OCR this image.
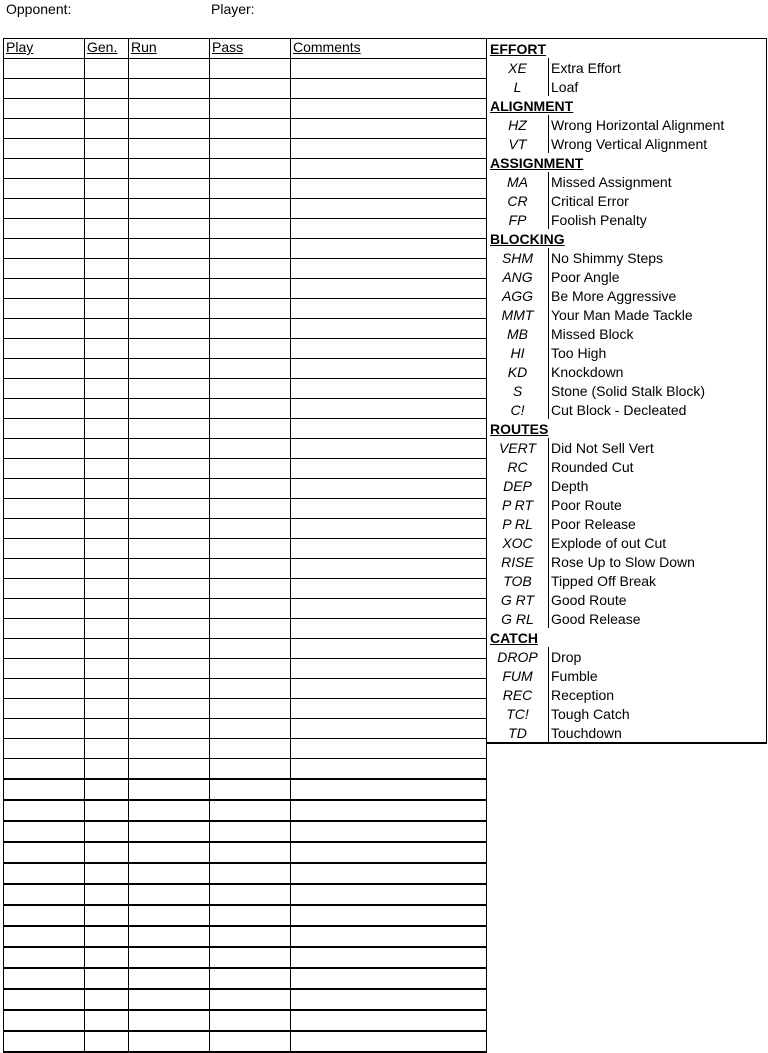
Opponent:	Player:
Play	Gen.	Run	Pass	Comments

					EFFORT	
XE	Extra Effort
L	Loaf
ALIGNMENT	
HZ	Wrong Horizontal Alignment
VT	Wrong Vertical Alignment
ASSIGNMENT	
MA	Missed Assignment
CR	Critical Error
FP	Foolish Penalty
BLOCKING	
SHM	No Shimmy Steps
ANG	Poor Angle
AGG	Be More Aggressive
MMT	Your Man Made Tackle
MB	Missed Block
HI	Too High
KD	Knockdown
S	Stone (Solid Stalk Block)
C!	Cut Block - Decleated
ROUTES	
VERT	Did Not Sell Vert
RC	Rounded Cut
DEP	Depth
P RT	Poor Route
P RL	Poor Release
XOC	Explode of out Cut
RISE	Rose Up to Slow Down
TOB	Tipped Off Break
G RT	Good Route
G RL	Good Release
CATCH	
DROP	Drop
FUM	Fumble
REC	Reception
TC!	Tough Catch
TD	Touchdown
